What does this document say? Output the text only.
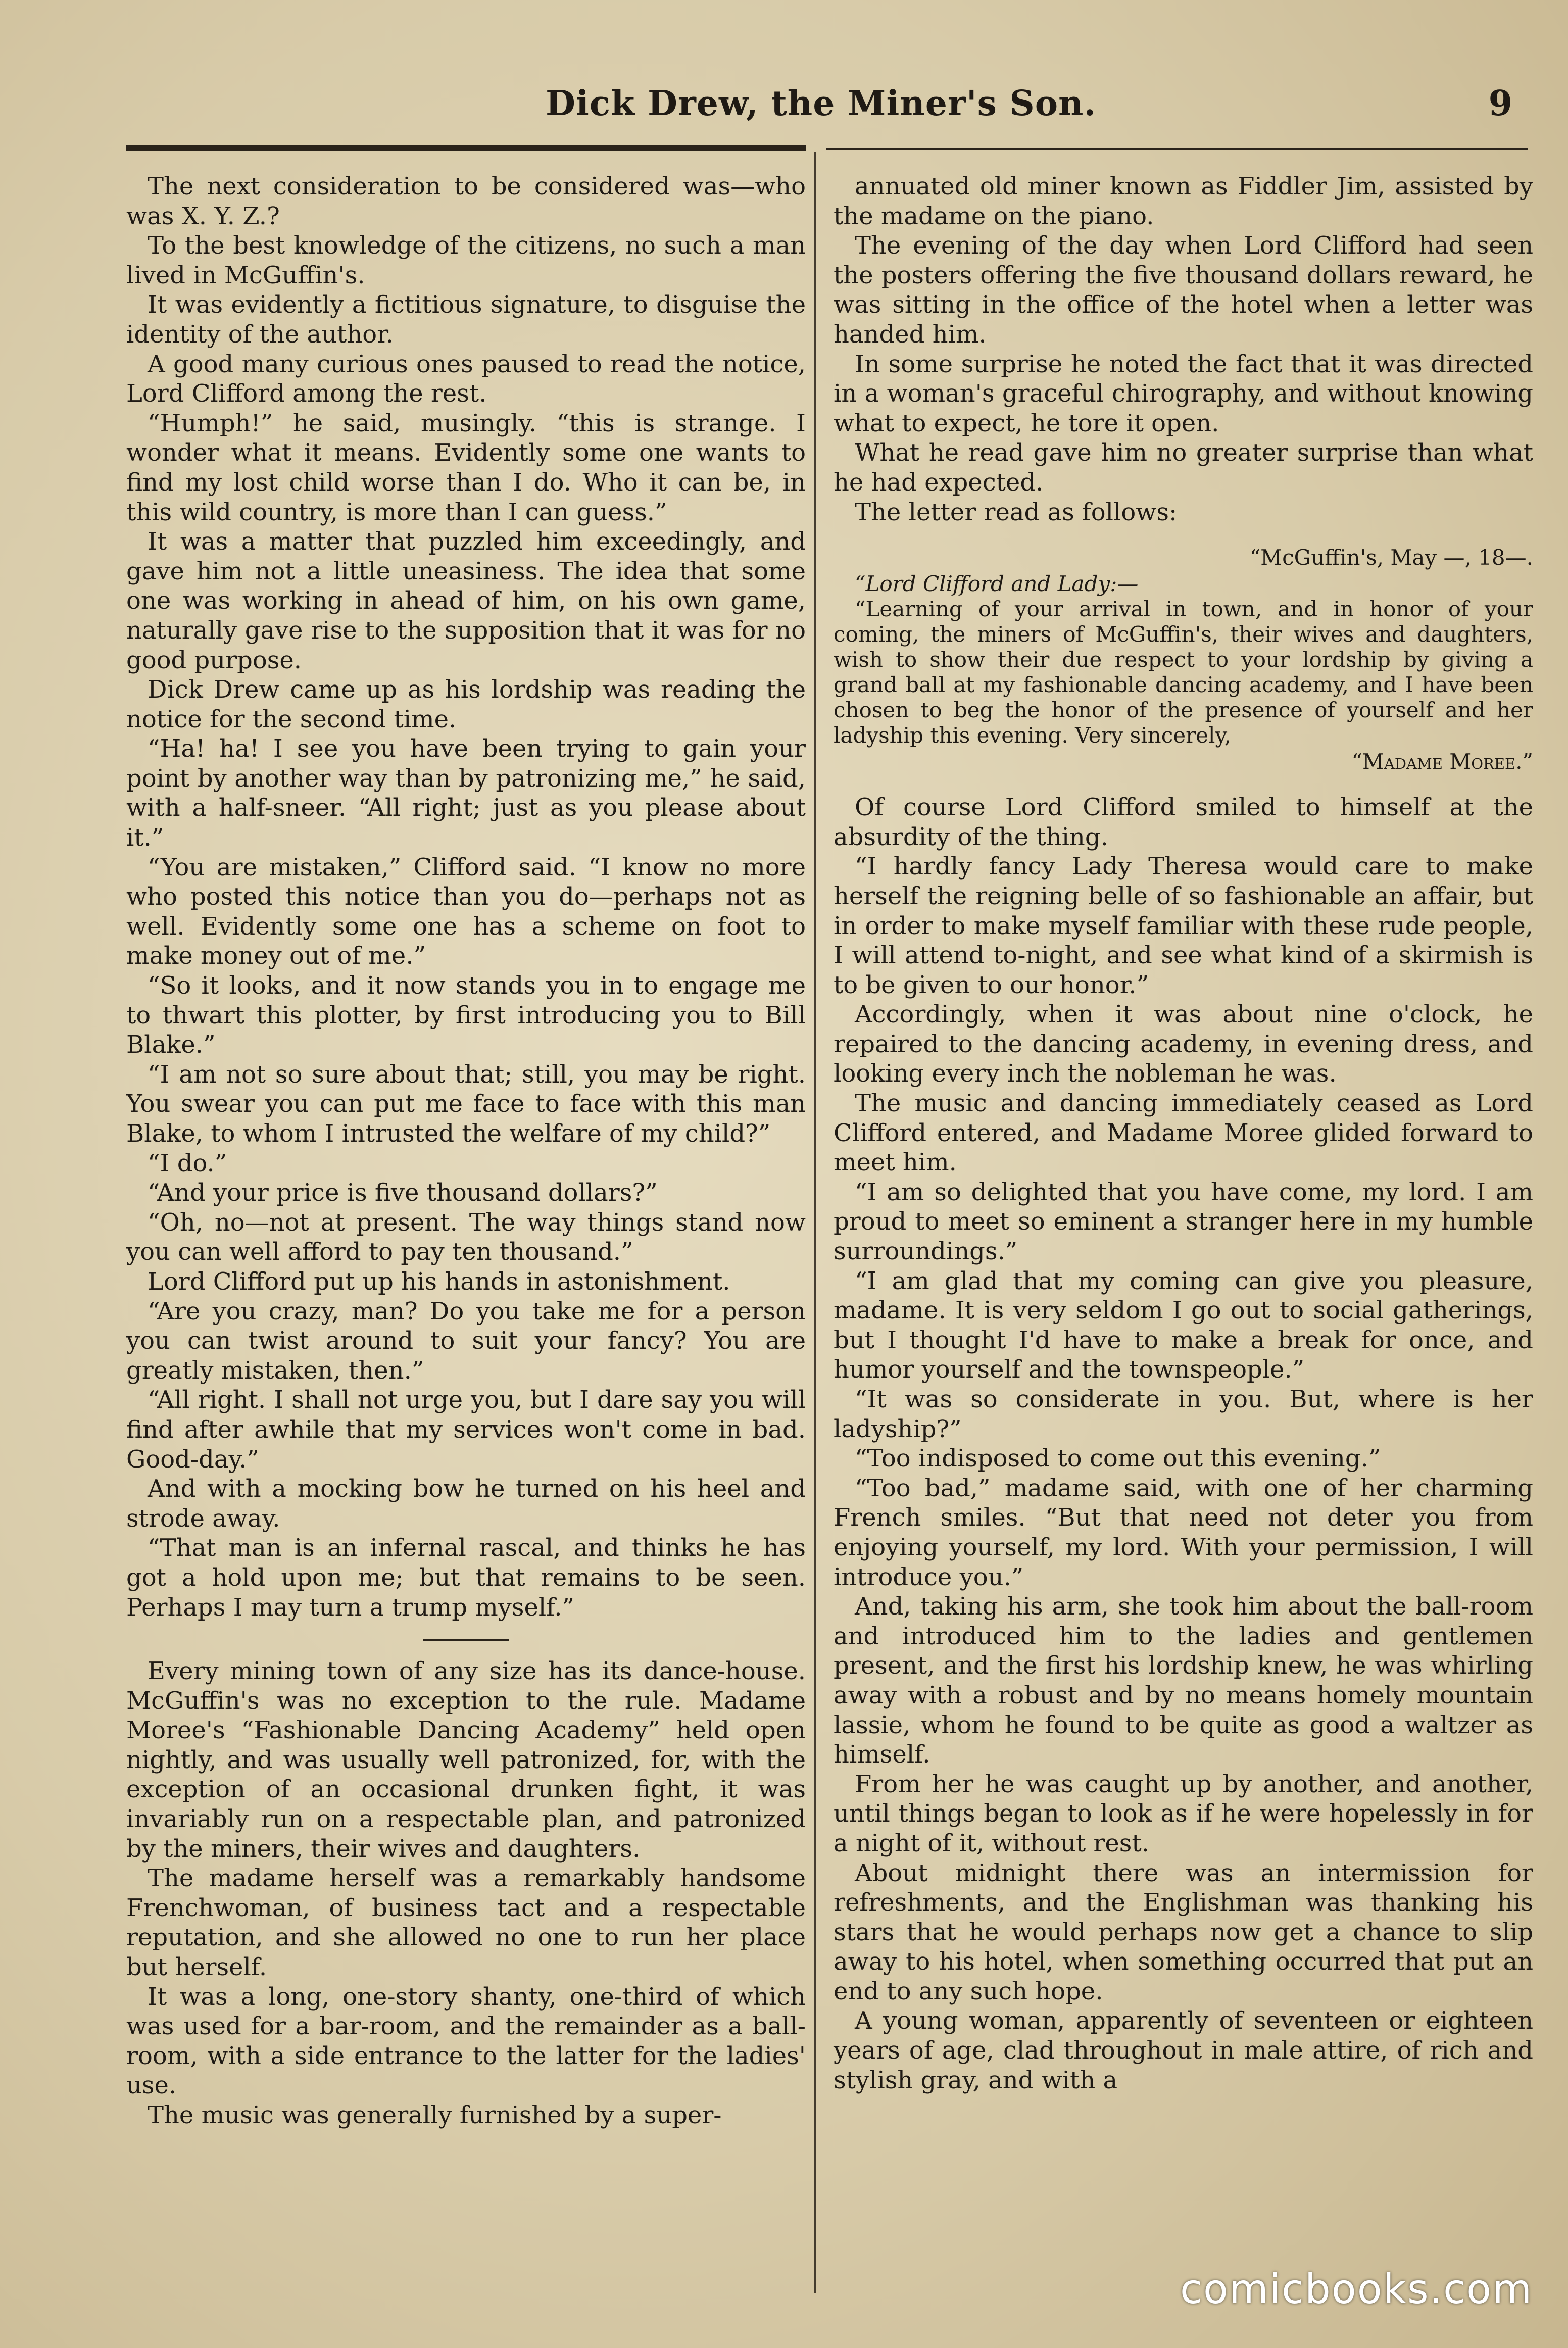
Dick Drew, the Miner's Son.	9

The next consideration to be considered was—who was X. Y. Z.?

To the best knowledge of the citizens, no such a man lived in McGuffin's.

It was evidently a fictitious signature, to disguise the identity of the author.

A good many curious ones paused to read the notice, Lord Clifford among the rest.

“Humph!” he said, musingly. “this is strange. I wonder what it means. Evidently some one wants to find my lost child worse than I do. Who it can be, in this wild country, is more than I can guess.”

It was a matter that puzzled him exceedingly, and gave him not a little uneasiness. The idea that some one was working in ahead of him, on his own game, naturally gave rise to the supposition that it was for no good purpose.

Dick Drew came up as his lordship was reading the notice for the second time.

“Ha! ha! I see you have been trying to gain your point by another way than by patronizing me,” he said, with a half-sneer. “All right; just as you please about it.”

“You are mistaken,” Clifford said. “I know no more who posted this notice than you do—perhaps not as well. Evidently some one has a scheme on foot to make money out of me.”

“So it looks, and it now stands you in to engage me to thwart this plotter, by first introducing you to Bill Blake.”

“I am not so sure about that; still, you may be right. You swear you can put me face to face with this man Blake, to whom I intrusted the welfare of my child?”

“I do.”

“And your price is five thousand dollars?”

“Oh, no—not at present. The way things stand now you can well afford to pay ten thousand.”

Lord Clifford put up his hands in astonishment.

“Are you crazy, man? Do you take me for a person you can twist around to suit your fancy? You are greatly mistaken, then.”

“All right. I shall not urge you, but I dare say you will find after awhile that my services won't come in bad. Good-day.”

And with a mocking bow he turned on his heel and strode away.

“That man is an infernal rascal, and thinks he has got a hold upon me; but that remains to be seen. Perhaps I may turn a trump myself.”

Every mining town of any size has its dance-house. McGuffin's was no exception to the rule. Madame Moree's “Fashionable Dancing Academy” held open nightly, and was usually well patronized, for, with the exception of an occasional drunken fight, it was invariably run on a respectable plan, and patronized by the miners, their wives and daughters.

The madame herself was a remarkably handsome Frenchwoman, of business tact and a respectable reputation, and she allowed no one to run her place but herself.

It was a long, one-story shanty, one-third of which was used for a bar-room, and the remainder as a ball-room, with a side entrance to the latter for the ladies' use.

The music was generally furnished by a super-

annuated old miner known as Fiddler Jim, assisted by the madame on the piano.

The evening of the day when Lord Clifford had seen the posters offering the five thousand dollars reward, he was sitting in the office of the hotel when a letter was handed him.

In some surprise he noted the fact that it was directed in a woman's graceful chirography, and without knowing what to expect, he tore it open.

What he read gave him no greater surprise than what he had expected.

The letter read as follows:

“McGuffin's, May —, 18—.

“Lord Clifford and Lady:—

“Learning of your arrival in town, and in honor of your coming, the miners of McGuffin's, their wives and daughters, wish to show their due respect to your lordship by giving a grand ball at my fashionable dancing academy, and I have been chosen to beg the honor of the presence of yourself and her ladyship this evening. Very sincerely,

“Madame Moree.”

Of course Lord Clifford smiled to himself at the absurdity of the thing.

“I hardly fancy Lady Theresa would care to make herself the reigning belle of so fashionable an affair, but in order to make myself familiar with these rude people, I will attend to-night, and see what kind of a skirmish is to be given to our honor.”

Accordingly, when it was about nine o'clock, he repaired to the dancing academy, in evening dress, and looking every inch the nobleman he was.

The music and dancing immediately ceased as Lord Clifford entered, and Madame Moree glided forward to meet him.

“I am so delighted that you have come, my lord. I am proud to meet so eminent a stranger here in my humble surroundings.”

“I am glad that my coming can give you pleasure, madame. It is very seldom I go out to social gatherings, but I thought I'd have to make a break for once, and humor yourself and the townspeople.”

“It was so considerate in you. But, where is her ladyship?”

“Too indisposed to come out this evening.”

“Too bad,” madame said, with one of her charming French smiles. “But that need not deter you from enjoying yourself, my lord. With your permission, I will introduce you.”

And, taking his arm, she took him about the ball-room and introduced him to the ladies and gentlemen present, and the first his lordship knew, he was whirling away with a robust and by no means homely mountain lassie, whom he found to be quite as good a waltzer as himself.

From her he was caught up by another, and another, until things began to look as if he were hopelessly in for a night of it, without rest.

About midnight there was an intermission for refreshments, and the Englishman was thanking his stars that he would perhaps now get a chance to slip away to his hotel, when something occurred that put an end to any such hope.

A young woman, apparently of seventeen or eighteen years of age, clad throughout in male attire, of rich and stylish gray, and with a

comicbooks.com
